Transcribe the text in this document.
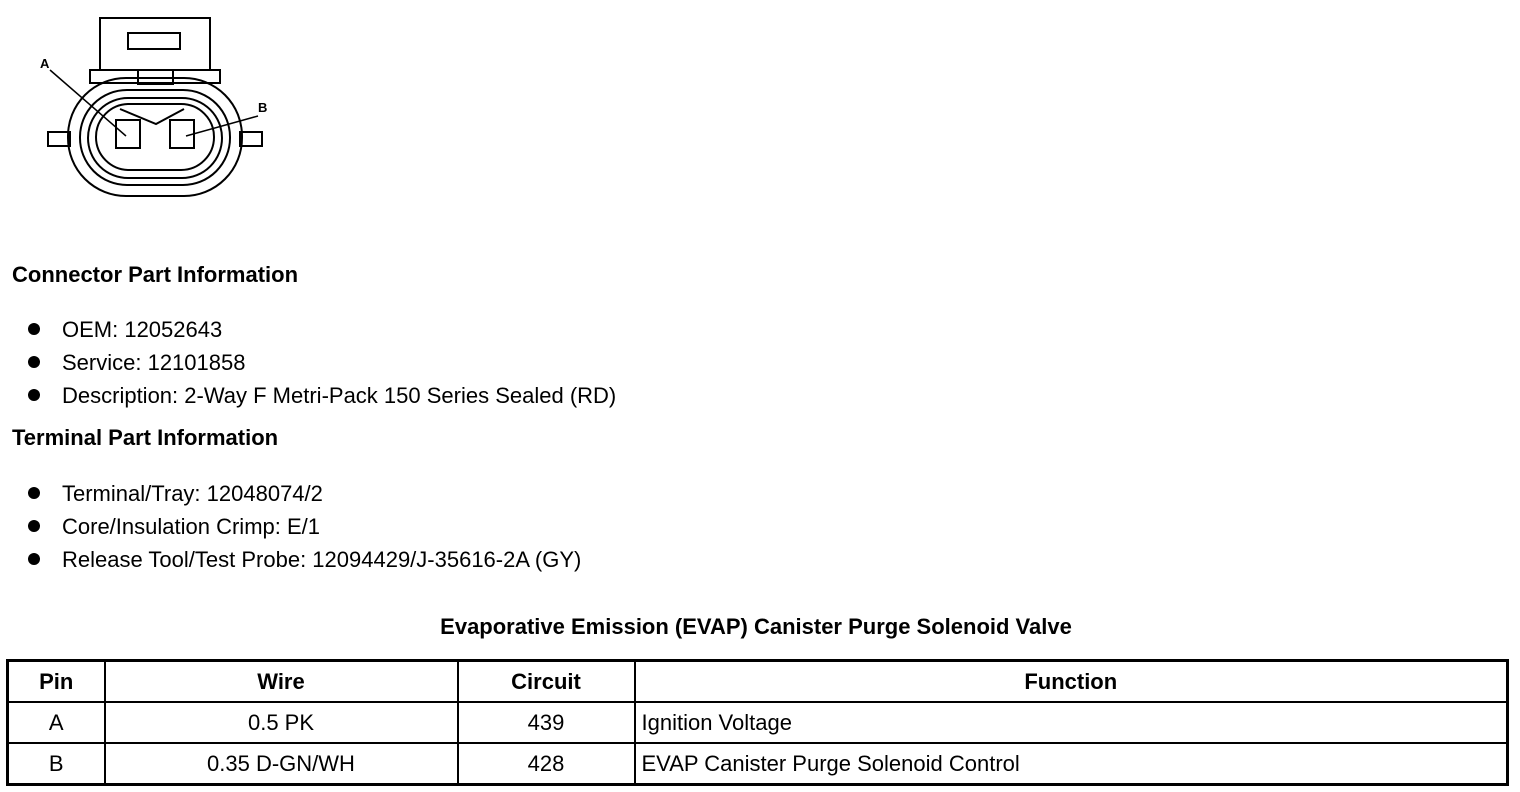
A
B
Connector Part Information
OEM: 12052643
Service: 12101858
Description: 2-Way F Metri-Pack 150 Series Sealed (RD)
Terminal Part Information
Terminal/Tray: 12048074/2
Core/Insulation Crimp: E/1
Release Tool/Test Probe: 12094429/J-35616-2A (GY)
Evaporative Emission (EVAP) Canister Purge Solenoid Valve
Pin	Wire	Circuit	Function
A	0.5 PK	439	Ignition Voltage
B	0.35 D-GN/WH	428	EVAP Canister Purge Solenoid Control
